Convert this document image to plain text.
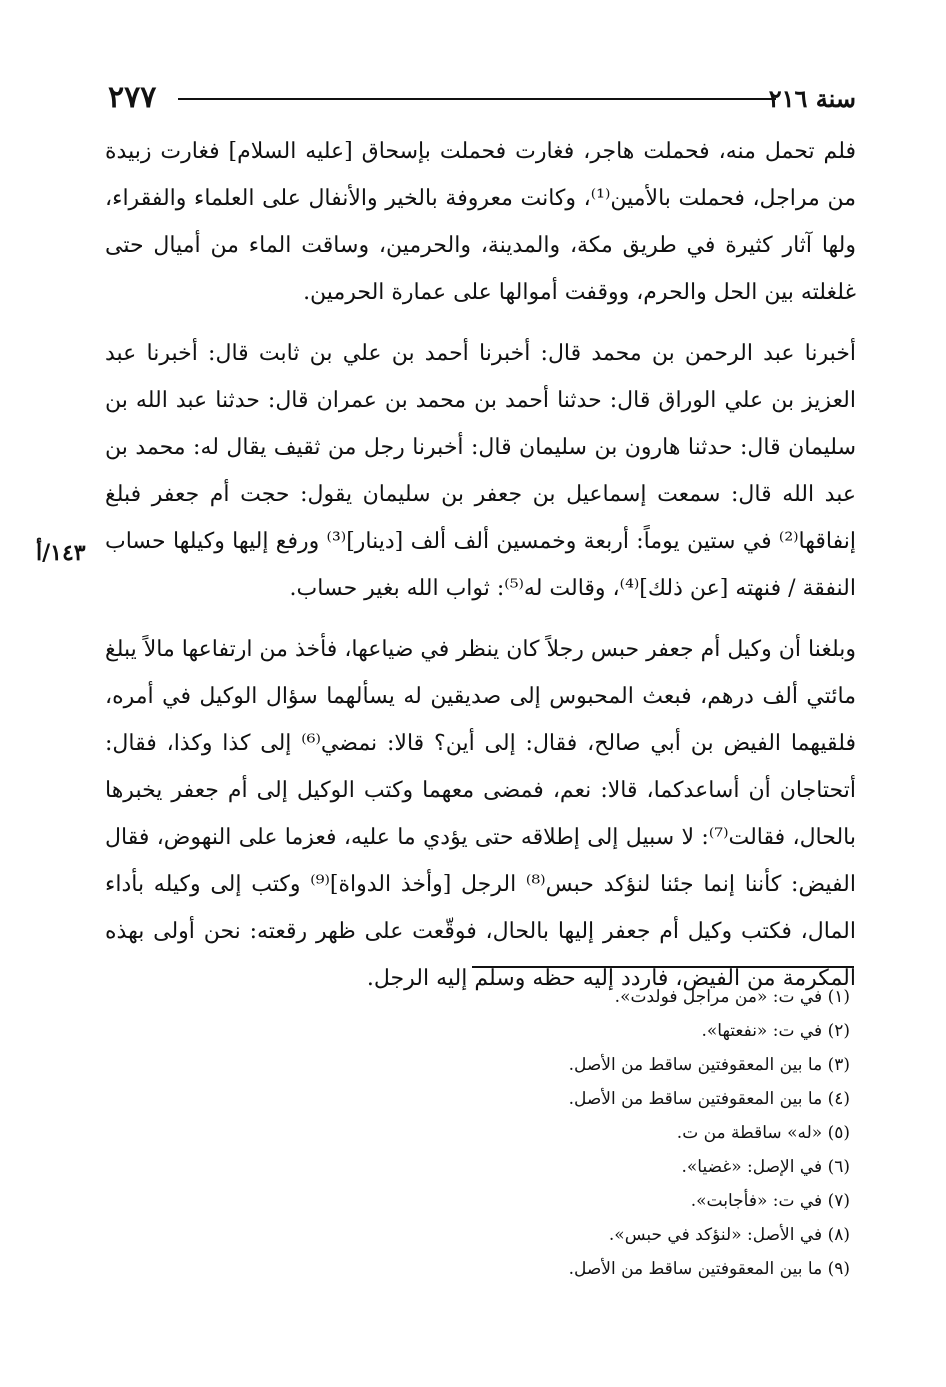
٢٧٧	سنة ٢١٦

فلم تحمل منه، فحملت هاجر، فغارت فحملت بإسحاق [عليه السلام] فغارت زبيدة من مراجل، فحملت بالأمين⁽¹⁾، وكانت معروفة بالخير والأنفال على العلماء والفقراء، ولها آثار كثيرة في طريق مكة، والمدينة، والحرمين، وساقت الماء من أميال حتى غلغلته بين الحل والحرم، ووقفت أموالها على عمارة الحرمين.

أخبرنا عبد الرحمن بن محمد قال: أخبرنا أحمد بن علي بن ثابت قال: أخبرنا عبد العزيز بن علي الوراق قال: حدثنا أحمد بن محمد بن عمران قال: حدثنا عبد الله بن سليمان قال: حدثنا هارون بن سليمان قال: أخبرنا رجل من ثقيف يقال له: محمد بن عبد الله قال: سمعت إسماعيل بن جعفر بن سليمان يقول: حجت أم جعفر فبلغ إنفاقها⁽²⁾ في ستين يوماً: أربعة وخمسين ألف ألف [دينار]⁽³⁾ ورفع إليها وكيلها حساب النفقة / فنهته [عن ذلك]⁽⁴⁾، وقالت له⁽⁵⁾: ثواب الله بغير حساب.

وبلغنا أن وكيل أم جعفر حبس رجلاً كان ينظر في ضياعها، فأخذ من ارتفاعها مالاً يبلغ مائتي ألف درهم، فبعث المحبوس إلى صديقين له يسألهما سؤال الوكيل في أمره، فلقيهما الفيض بن أبي صالح، فقال: إلى أين؟ قالا: نمضي⁽⁶⁾ إلى كذا وكذا، فقال: أتحتاجان أن أساعدكما، قالا: نعم، فمضى معهما وكتب الوكيل إلى أم جعفر يخبرها بالحال، فقالت⁽⁷⁾: لا سبيل إلى إطلاقه حتى يؤدي ما عليه، فعزما على النهوض، فقال الفيض: كأننا إنما جئنا لنؤكد حبس⁽⁸⁾ الرجل [وأخذ الدواة]⁽⁹⁾ وكتب إلى وكيله بأداء المال، فكتب وكيل أم جعفر إليها بالحال، فوقّعت على ظهر رقعته: نحن أولى بهذه المكرمة من الفيض، فاردد إليه حظه وسلم إليه الرجل.

١٤٣/أ
(١) في ت: «من مراجل فولدت».
(٢) في ت: «نفعتها».
(٣) ما بين المعقوفتين ساقط من الأصل.
(٤) ما بين المعقوفتين ساقط من الأصل.
(٥) «له» ساقطة من ت.
(٦) في الإصل: «غضيا».
(٧) في ت: «فأجابت».
(٨) في الأصل: «لنؤكد في حبس».
(٩) ما بين المعقوفتين ساقط من الأصل.
